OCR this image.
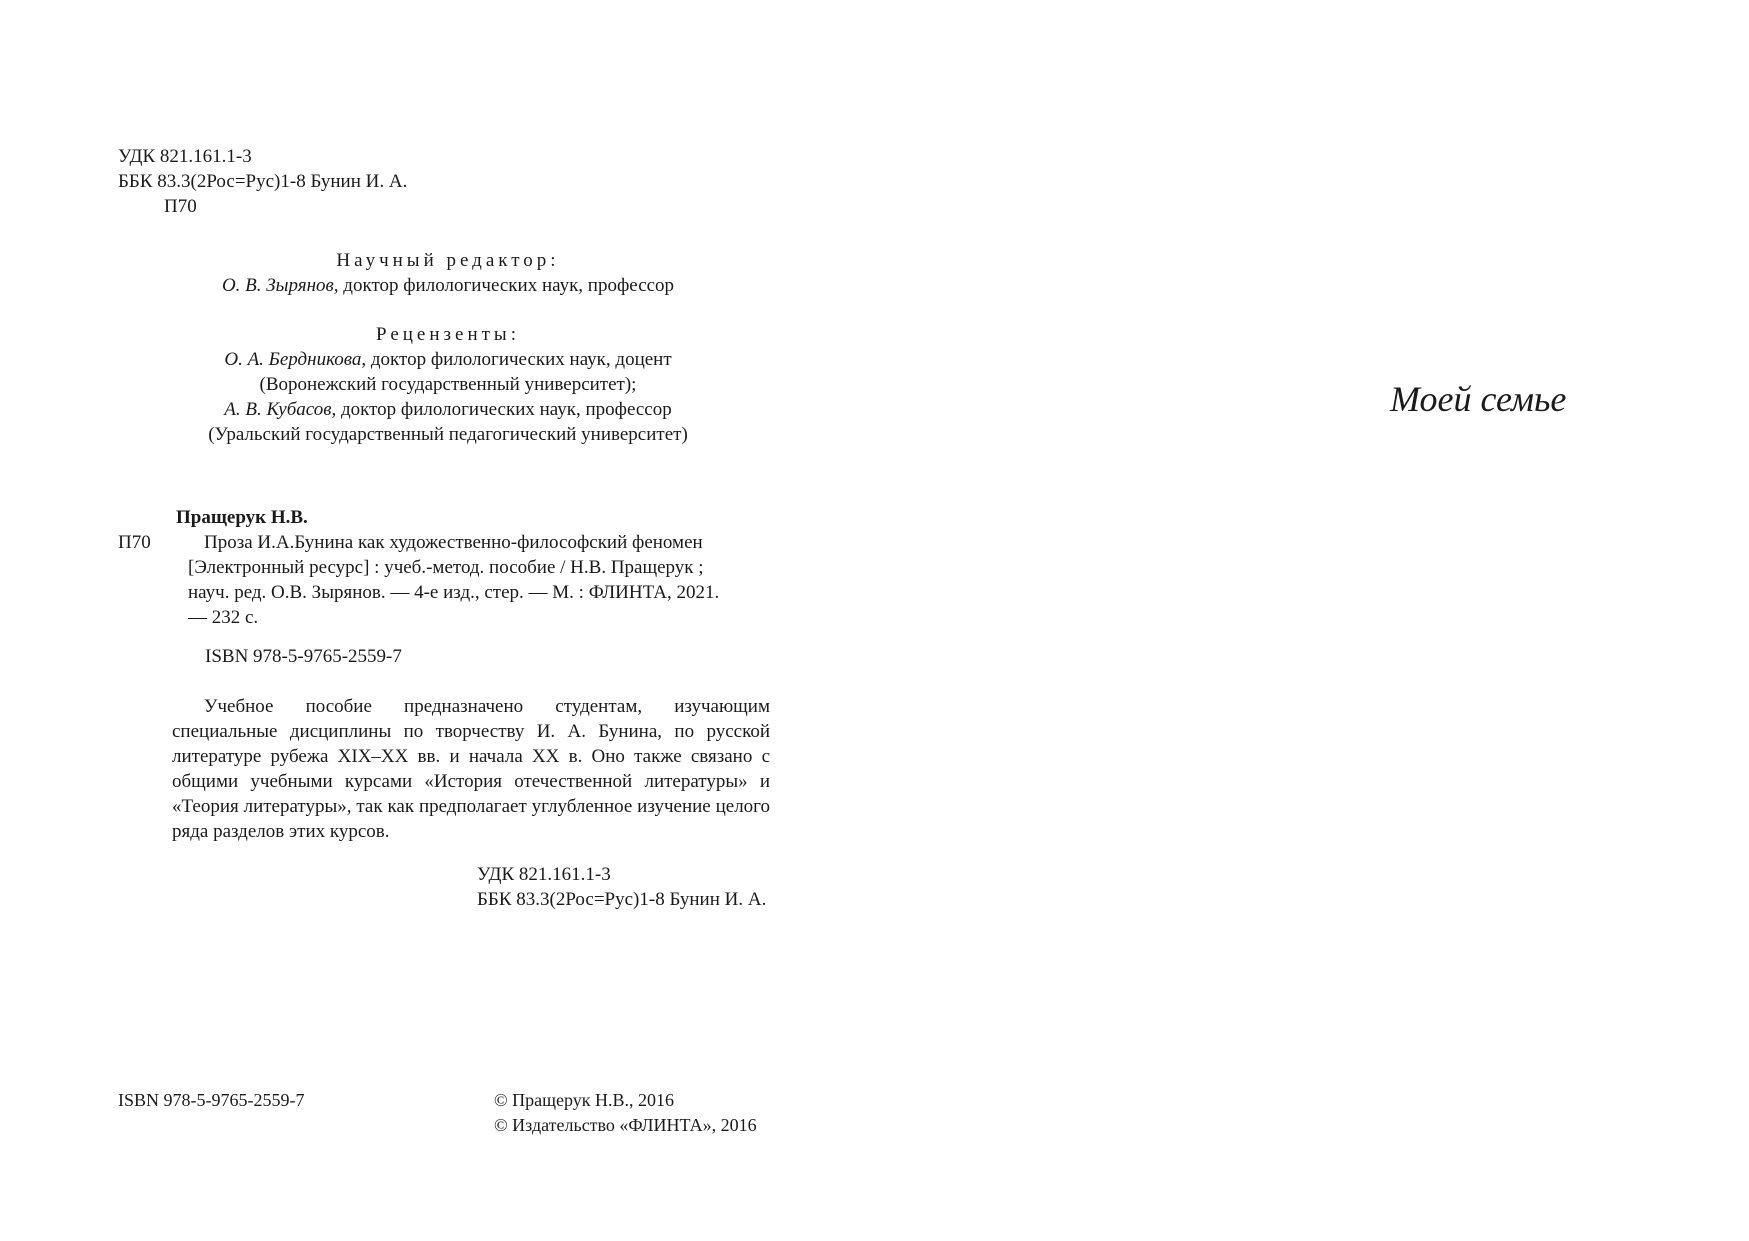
УДК 821.161.1-3
ББК 83.3(2Рос=Рус)1-8 Бунин И. А.
П70
Научный редактор:
О. В. Зырянов, доктор филологических наук, профессор
Рецензенты:
О. А. Бердникова, доктор филологических наук, доцент
(Воронежский государственный университет);
А. В. Кубасов, доктор филологических наук, профессор
(Уральский государственный педагогический университет)
Пращерук Н.В.
П70	Проза И.А.Бунина как художественно-философский феномен

[Электронный ресурс] : учеб.-метод. пособие / Н.В. Пращерук ;

науч. ред. О.В. Зырянов. — 4-е изд., стер. — М. : ФЛИНТА, 2021.

— 232 с.

ISBN 978-5-9765-2559-7
Учебное пособие предназначено студентам, изучающим специальные дисциплины по творчеству И. А. Бунина, по русской литературе рубежа XIX–XX вв. и начала XX в. Оно также связано с общими учебными курсами «История отечественной литературы» и «Теория литературы», так как предполагает углубленное изучение целого ряда разделов этих курсов.
УДК 821.161.1-3
ББК 83.3(2Рос=Рус)1-8 Бунин И. А.
ISBN 978-5-9765-2559-7	© Пращерук Н.В., 2016
© Издательство «ФЛИНТА», 2016
Моей семье
